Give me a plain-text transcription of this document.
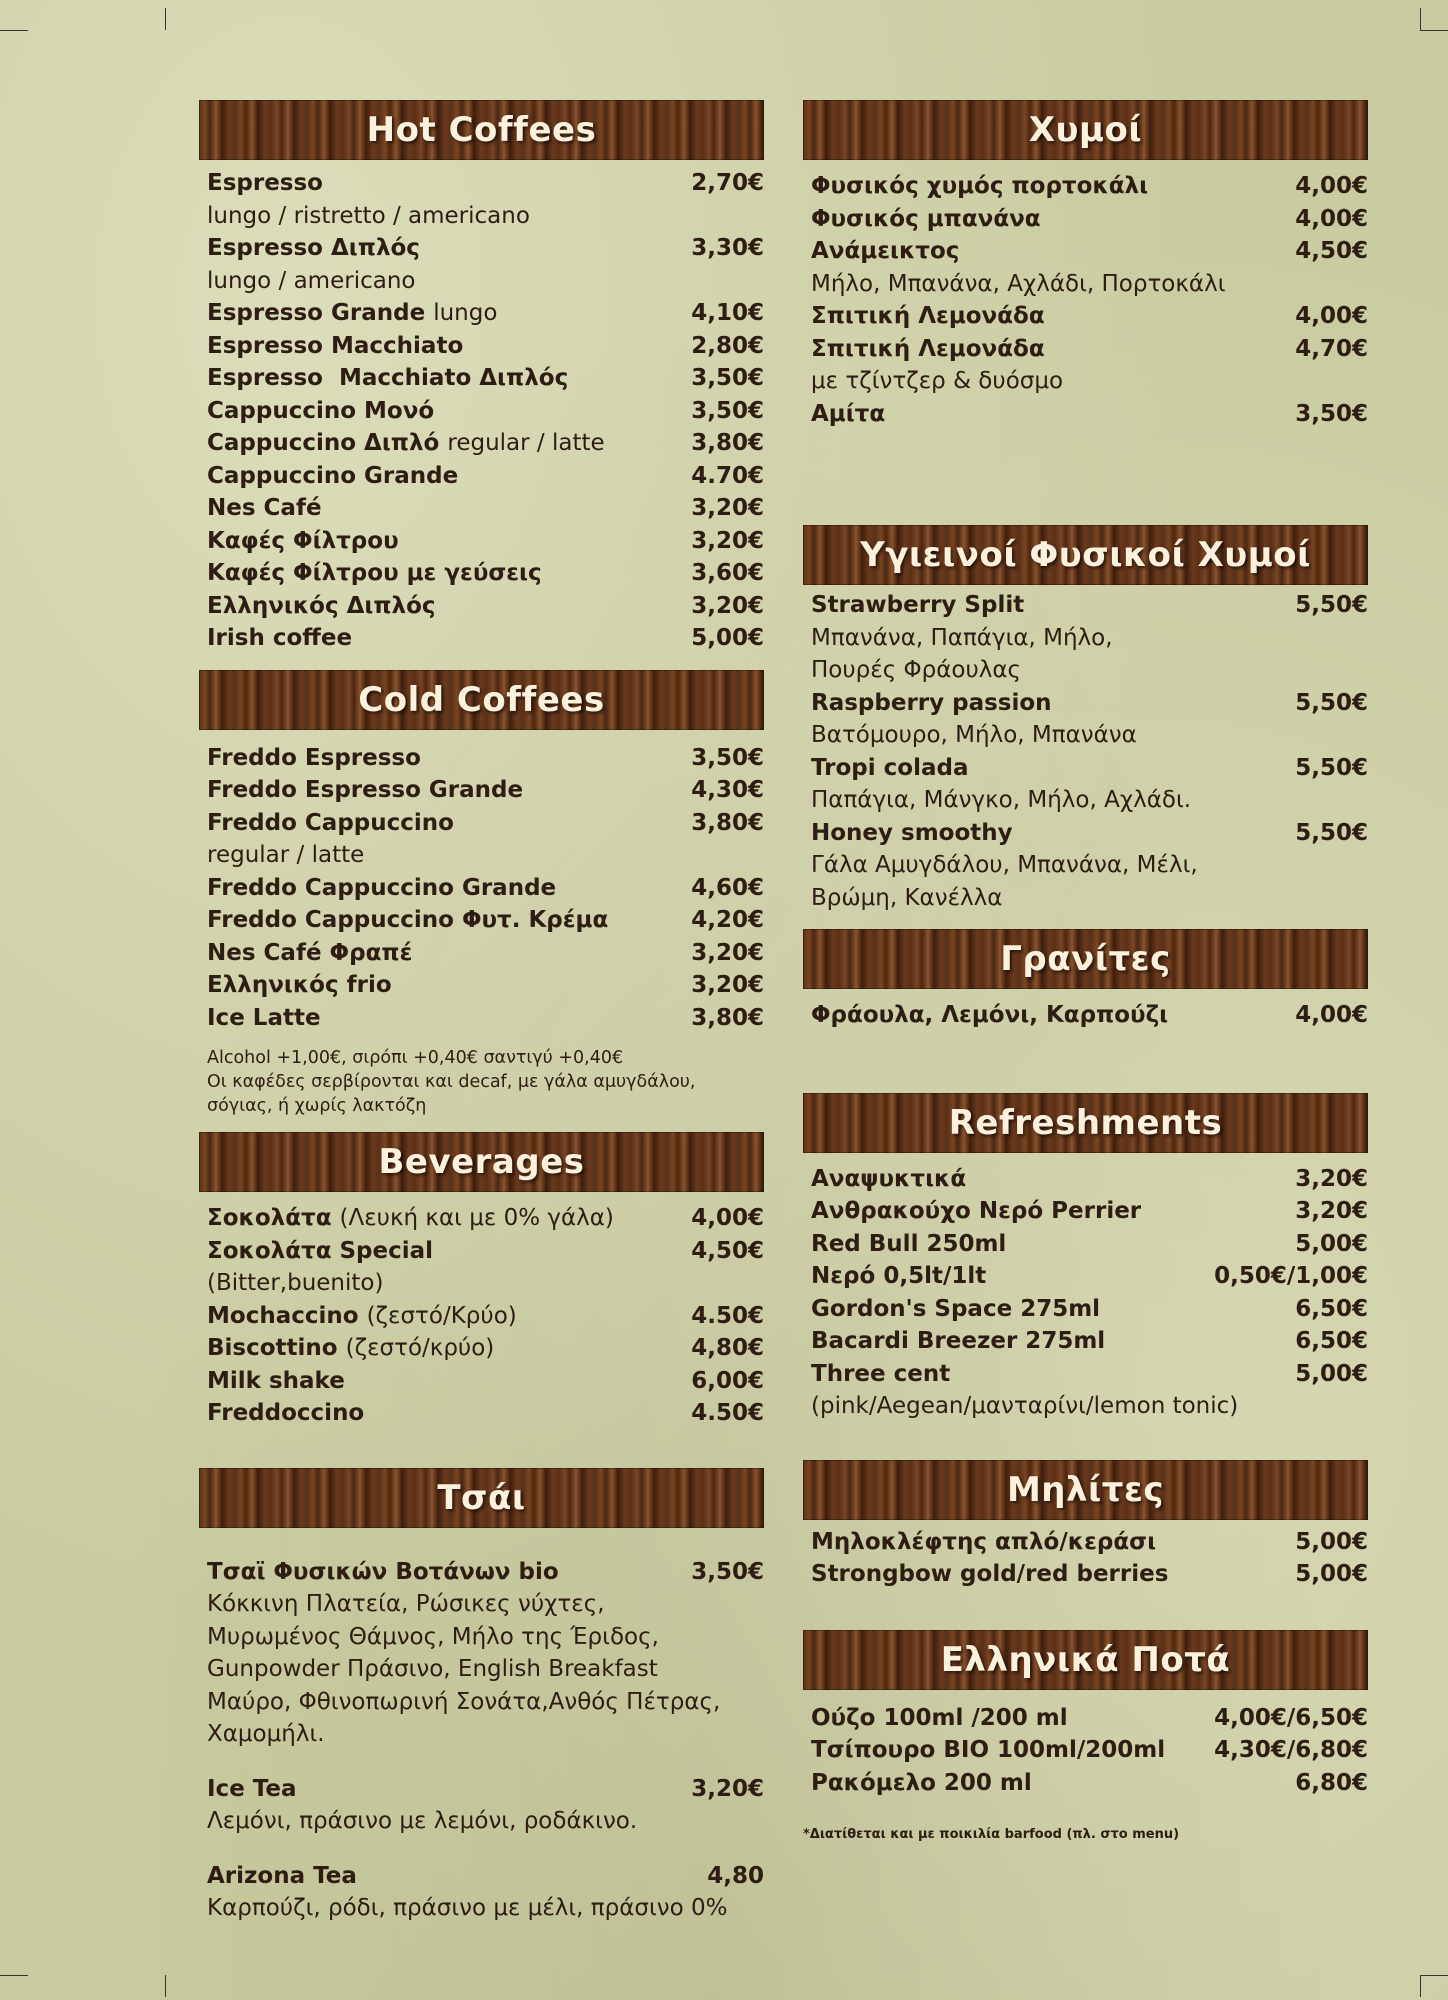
Hot Coffees
Espresso	2,70€
lungo / ristretto / americano
Espresso Διπλός	3,30€
lungo / americano
Espresso Grande lungo	4,10€
Espresso Macchiato	2,80€
Espresso  Macchiato Διπλός	3,50€
Cappuccino Μονό	3,50€
Cappuccino Διπλό regular / latte	3,80€
Cappuccino Grande	4.70€
Nes Café	3,20€
Καφές Φίλτρου	3,20€
Καφές Φίλτρου με γεύσεις	3,60€
Ελληνικός Διπλός	3,20€
Irish coffee	5,00€
Cold Coffees
Freddo Espresso	3,50€
Freddo Espresso Grande	4,30€
Freddo Cappuccino	3,80€
regular / latte
Freddo Cappuccino Grande	4,60€
Freddo Cappuccino Φυτ. Κρέμα	4,20€
Nes Café Φραπέ	3,20€
Ελληνικός frio	3,20€
Ice Latte	3,80€
Alcohol +1,00€, σιρόπι +0,40€ σαντιγύ +0,40€
Οι καφέδες σερβίρονται και decaf, με γάλα αμυγδάλου,
σόγιας, ή χωρίς λακτόζη
Beverages
Σοκολάτα (Λευκή και με 0% γάλα)	4,00€
Σοκολάτα Special	4,50€
(Bitter,buenito)
Mochaccino (ζεστό/Κρύο)	4.50€
Biscottino (ζεστό/κρύο)	4,80€
Milk shake	6,00€
Freddoccino	4.50€
Τσάι
Τσαϊ Φυσικών Βοτάνων bio	3,50€
Κόκκινη Πλατεία, Ρώσικες νύχτες,
Μυρωμένος Θάμνος, Μήλο της Έριδος,
Gunpowder Πράσινο, English Breakfast
Μαύρο, Φθινοπωρινή Σονάτα,Ανθός Πέτρας,
Χαμομήλι.
Ice Tea	3,20€
Λεμόνι, πράσινο με λεμόνι, ροδάκινο.
Arizona Tea	4,80
Καρπούζι, ρόδι, πράσινο με μέλι, πράσινο 0%
Χυμοί
Φυσικός χυμός πορτοκάλι	4,00€
Φυσικός μπανάνα	4,00€
Ανάμεικτος	4,50€
Μήλο, Μπανάνα, Αχλάδι, Πορτοκάλι
Σπιτική Λεμονάδα	4,00€
Σπιτική Λεμονάδα	4,70€
με τζίντζερ & δυόσμο
Αμίτα	3,50€
Υγιεινοί Φυσικοί Χυμοί
Strawberry Split	5,50€
Μπανάνα, Παπάγια, Μήλο,
Πουρές Φράουλας
Raspberry passion	5,50€
Βατόμουρο, Μήλο, Μπανάνα
Tropi colada	5,50€
Παπάγια, Μάνγκο, Μήλο, Αχλάδι.
Honey smoothy	5,50€
Γάλα Αμυγδάλου, Μπανάνα, Μέλι,
Βρώμη, Κανέλλα
Γρανίτες
Φράουλα, Λεμόνι, Καρπούζι	4,00€
Refreshments
Αναψυκτικά	3,20€
Ανθρακούχο Νερό Perrier	3,20€
Red Bull 250ml	5,00€
Νερό 0,5lt/1lt	0,50€/1,00€
Gordon's Space 275ml	6,50€
Bacardi Breezer 275ml	6,50€
Three cent	5,00€
(pink/Aegean/μανταρίνι/lemon tonic)
Μηλίτες
Μηλοκλέφτης απλό/κεράσι	5,00€
Strongbow gold/red berries	5,00€
Ελληνικά Ποτά
Ούζο 100ml /200 ml	4,00€/6,50€
Τσίπουρο BIO 100ml/200ml 4,30€/6,80€
Ρακόμελο 200 ml	6,80€
*Διατίθεται και με ποικιλία barfood (πλ. στο menu)
